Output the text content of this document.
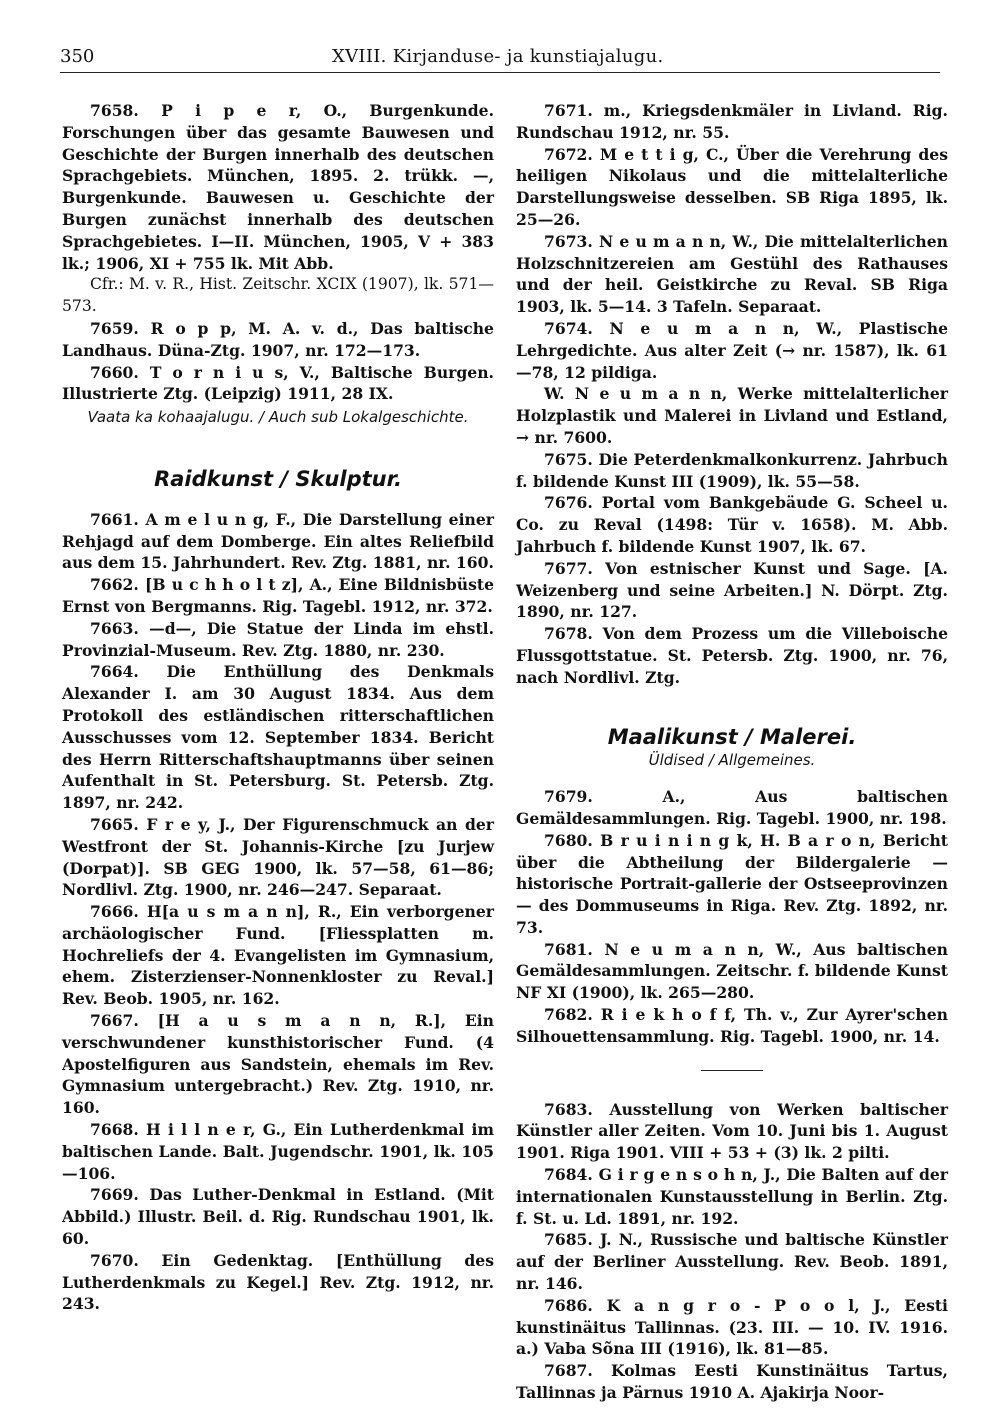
350	XVIII. Kirjanduse- ja kunstiajalugu.

7658. P i p e r, O., Burgenkunde. Forschungen über das gesamte Bauwesen und Geschichte der Burgen innerhalb des deutschen Sprachgebiets. München, 1895. 2. trükk. —, Burgenkunde. Bauwesen u. Geschichte der Burgen zunächst innerhalb des deutschen Sprachgebietes. I—II. München, 1905, V + 383 lk.; 1906, XI + 755 lk. Mit Abb.

Cfr.: M. v. R., Hist. Zeitschr. XCIX (1907), lk. 571—573.

7659. R o p p, M. A. v. d., Das baltische Landhaus. Düna-Ztg. 1907, nr. 172—173.

7660. T o r n i u s, V., Baltische Burgen. Illustrierte Ztg. (Leipzig) 1911, 28 IX.

Vaata ka kohaajalugu. / Auch sub Lokalgeschichte.

Raidkunst / Skulptur.

7661. A m e l u n g, F., Die Darstellung einer Rehjagd auf dem Domberge. Ein altes Reliefbild aus dem 15. Jahrhundert. Rev. Ztg. 1881, nr. 160.

7662. [B u c h h o l t z], A., Eine Bildnisbüste Ernst von Bergmanns. Rig. Tagebl. 1912, nr. 372.

7663. —d—, Die Statue der Linda im ehstl. Provinzial-Museum. Rev. Ztg. 1880, nr. 230.

7664. Die Enthüllung des Denkmals Alexander I. am 30 August 1834. Aus dem Protokoll des estländischen ritterschaftlichen Ausschusses vom 12. September 1834. Bericht des Herrn Ritterschaftshauptmanns über seinen Aufenthalt in St. Petersburg. St. Petersb. Ztg. 1897, nr. 242.

7665. F r e y, J., Der Figurenschmuck an der Westfront der St. Johannis-Kirche [zu Jurjew (Dorpat)]. SB GEG 1900, lk. 57—58, 61—86; Nordlivl. Ztg. 1900, nr. 246—247. Separaat.

7666. H[a u s m a n n], R., Ein verborgener archäologischer Fund. [Fliessplatten m. Hochreliefs der 4. Evangelisten im Gymnasium, ehem. Zisterzienser-Nonnenkloster zu Reval.] Rev. Beob. 1905, nr. 162.

7667. [H a u s m a n n, R.], Ein verschwundener kunsthistorischer Fund. (4 Apostelfiguren aus Sandstein, ehemals im Rev. Gymnasium untergebracht.) Rev. Ztg. 1910, nr. 160.

7668. H i l l n e r, G., Ein Lutherdenkmal im baltischen Lande. Balt. Jugendschr. 1901, lk. 105—106.

7669. Das Luther-Denkmal in Estland. (Mit Abbild.) Illustr. Beil. d. Rig. Rundschau 1901, lk. 60.

7670. Ein Gedenktag. [Enthüllung des Lutherdenkmals zu Kegel.] Rev. Ztg. 1912, nr. 243.

7671. m., Kriegsdenkmäler in Livland. Rig. Rundschau 1912, nr. 55.

7672. M e t t i g, C., Über die Verehrung des heiligen Nikolaus und die mittelalterliche Darstellungsweise desselben. SB Riga 1895, lk. 25—26.

7673. N e u m a n n, W., Die mittelalterlichen Holzschnitzereien am Gestühl des Rathauses und der heil. Geistkirche zu Reval. SB Riga 1903, lk. 5—14. 3 Tafeln. Separaat.

7674. N e u m a n n, W., Plastische Lehrgedichte. Aus alter Zeit (→ nr. 1587), lk. 61—78, 12 pildiga.

W. N e u m a n n, Werke mittelalterlicher Holzplastik und Malerei in Livland und Estland, → nr. 7600.

7675. Die Peterdenkmalkonkurrenz. Jahrbuch f. bildende Kunst III (1909), lk. 55—58.

7676. Portal vom Bankgebäude G. Scheel u. Co. zu Reval (1498: Tür v. 1658). M. Abb. Jahrbuch f. bildende Kunst 1907, lk. 67.

7677. Von estnischer Kunst und Sage. [A. Weizenberg und seine Arbeiten.] N. Dörpt. Ztg. 1890, nr. 127.

7678. Von dem Prozess um die Villeboische Flussgottstatue. St. Petersb. Ztg. 1900, nr. 76, nach Nordlivl. Ztg.

Maalikunst / Malerei.

Üldised / Allgemeines.

7679.	A., Aus baltischen Gemäldesammlungen. Rig. Tagebl. 1900, nr. 198.

7680. B r u i n i n g k, H. B a r o n, Bericht über die Abtheilung der Bildergalerie — historische Portrait-gallerie der Ostseeprovinzen — des Dommuseums in Riga. Rev. Ztg. 1892, nr. 73.

7681. N e u m a n n, W., Aus baltischen Gemäldesammlungen. Zeitschr. f. bildende Kunst NF XI (1900), lk. 265—280.

7682. R i e k h o f f, Th. v., Zur Ayrer'schen Silhouettensammlung. Rig. Tagebl. 1900, nr. 14.

7683. Ausstellung von Werken baltischer Künstler aller Zeiten. Vom 10. Juni bis 1. August 1901. Riga 1901. VIII + 53 + (3) lk. 2 pilti.

7684. G i r g e n s o h n, J., Die Balten auf der internationalen Kunstausstellung in Berlin. Ztg. f. St. u. Ld. 1891, nr. 192.

7685. J. N., Russische und baltische Künstler auf der Berliner Ausstellung. Rev. Beob. 1891, nr. 146.

7686. K a n g r o - P o o l, J., Eesti kunstinäitus Tallinnas. (23. III. — 10. IV. 1916. a.) Vaba Sõna III (1916), lk. 81—85.

7687. Kolmas Eesti Kunstinäitus Tartus, Tallinnas ja Pärnus 1910 A. Ajakirja Noor-
